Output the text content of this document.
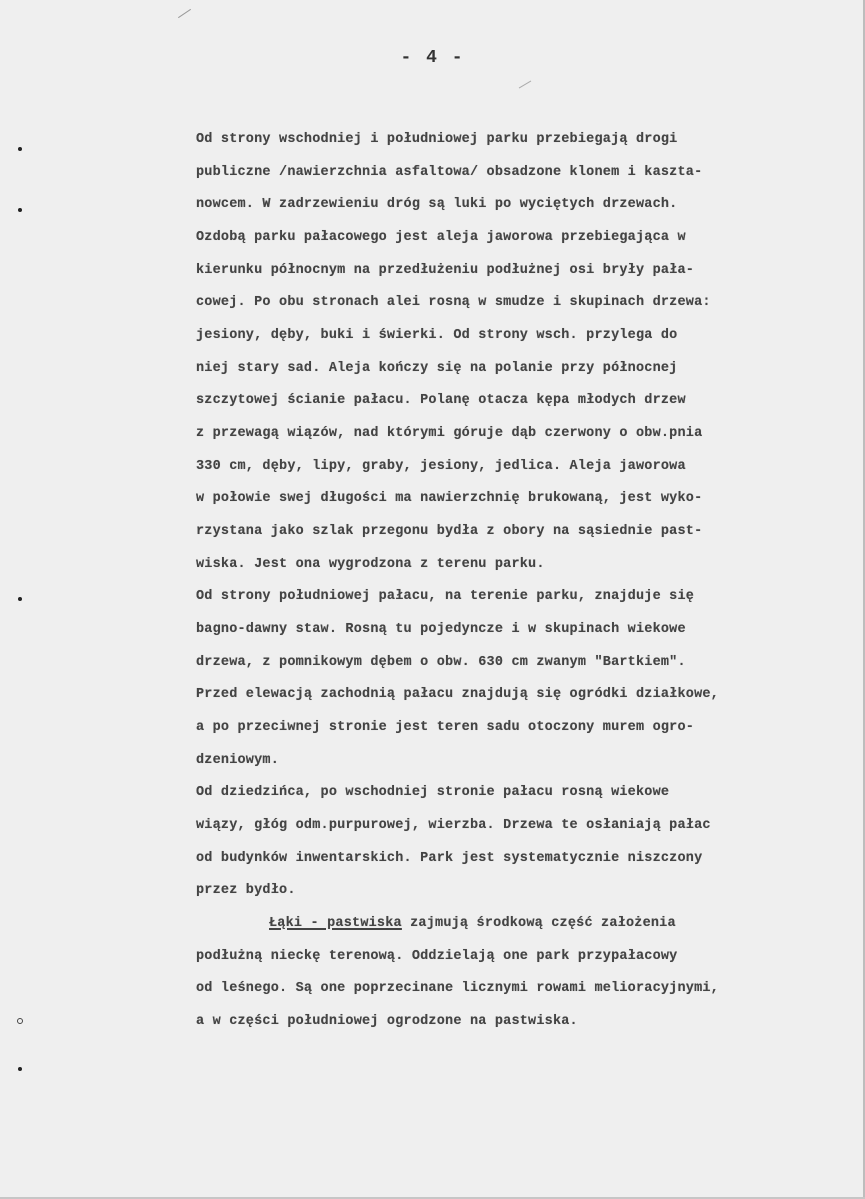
- 4 -
Od strony wschodniej i południowej parku przebiegają drogi
publiczne /nawierzchnia asfaltowa/ obsadzone klonem i kaszta-
nowcem. W zadrzewieniu dróg są luki po wyciętych drzewach.
Ozdobą parku pałacowego jest aleja jaworowa przebiegająca w
kierunku północnym na przedłużeniu podłużnej osi bryły pała-
cowej. Po obu stronach alei rosną w smudze i skupinach drzewa:
jesiony, dęby, buki i świerki. Od strony wsch. przylega do
niej stary sad. Aleja kończy się na polanie przy północnej
szczytowej ścianie pałacu. Polanę otacza kępa młodych drzew
z przewagą wiązów, nad którymi góruje dąb czerwony o obw.pnia
330 cm, dęby, lipy, graby, jesiony, jedlica. Aleja jaworowa
w połowie swej długości ma nawierzchnię brukowaną, jest wyko-
rzystana jako szlak przegonu bydła z obory na sąsiednie past-
wiska. Jest ona wygrodzona z terenu parku.
Od strony południowej pałacu, na terenie parku, znajduje się
bagno-dawny staw. Rosną tu pojedyncze i w skupinach wiekowe
drzewa, z pomnikowym dębem o obw. 630 cm zwanym "Bartkiem".
Przed elewacją zachodnią pałacu znajdują się ogródki działkowe,
a po przeciwnej stronie jest teren sadu otoczony murem ogro-
dzeniowym.
Od dziedzińca, po wschodniej stronie pałacu rosną wiekowe
wiązy, głóg odm.purpurowej, wierzba. Drzewa te osłaniają pałac
od budynków inwentarskich. Park jest systematycznie niszczony
przez bydło.
Łąki - pastwiska zajmują środkową część założenia
podłużną nieckę terenową. Oddzielają one park przypałacowy
od leśnego. Są one poprzecinane licznymi rowami melioracyjnymi,
a w części południowej ogrodzone na pastwiska.
